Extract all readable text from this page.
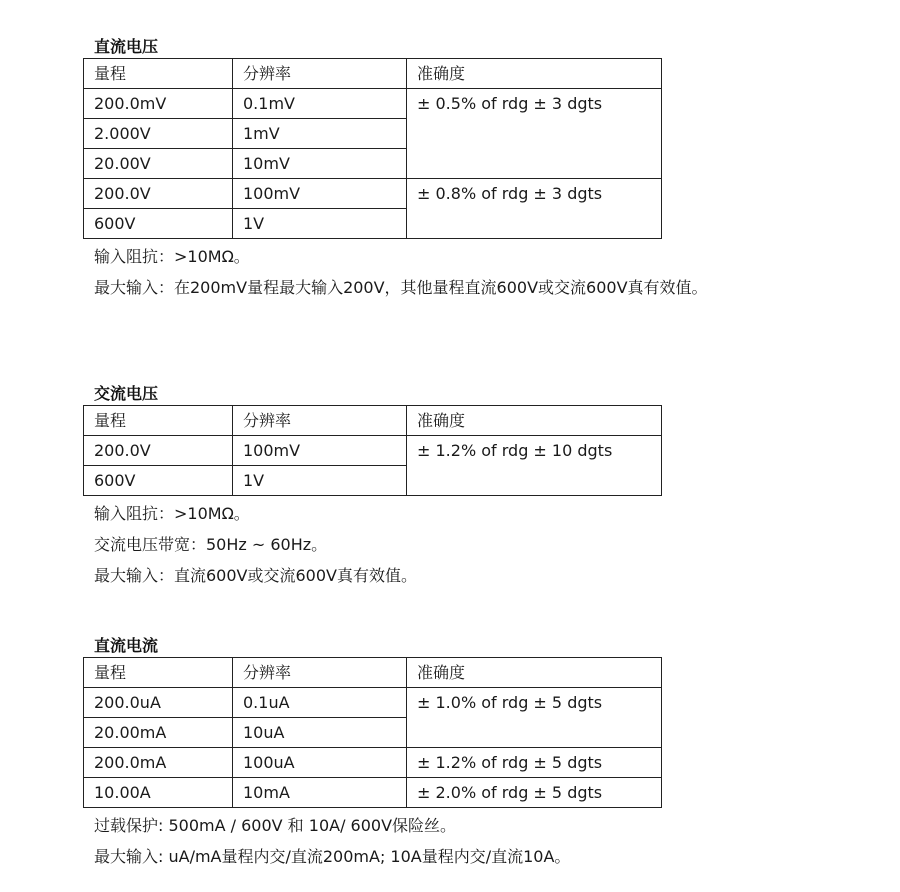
直流电压
量程	分辨率	准确度
200.0mV	0.1mV	± 0.5% of rdg ± 3 dgts
2.000V	1mV	
20.00V	10mV	
200.0V	100mV	± 0.8% of rdg ± 3 dgts
600V	1V	
输入阻抗：>10MΩ。
最大输入：在200mV量程最大输入200V，其他量程直流600V或交流600V真有效值。
交流电压
量程	分辨率	准确度
200.0V	100mV	± 1.2% of rdg ± 10 dgts
600V	1V	
输入阻抗：>10MΩ。
交流电压带宽：50Hz ~ 60Hz。
最大输入：直流600V或交流600V真有效值。
直流电流
量程	分辨率	准确度
200.0uA	0.1uA	± 1.0% of rdg ± 5 dgts
20.00mA	10uA	
200.0mA	100uA	± 1.2% of rdg ± 5 dgts
10.00A	10mA	± 2.0% of rdg ± 5 dgts
过载保护: 500mA / 600V 和 10A/ 600V保险丝。
最大输入: uA/mA量程内交/直流200mA; 10A量程内交/直流10A。
